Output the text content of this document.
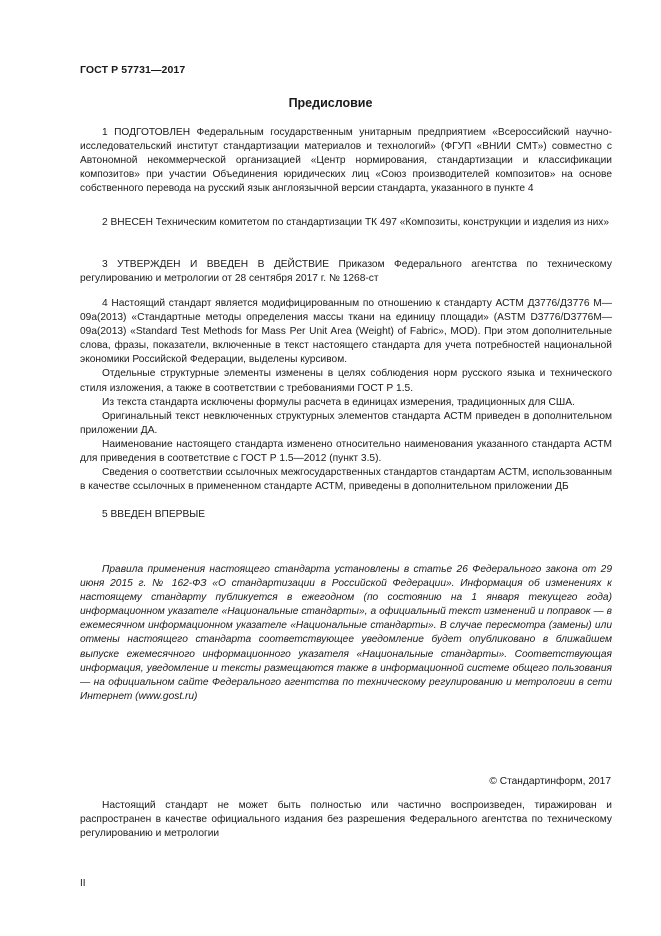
ГОСТ Р 57731—2017
Предисловие

1 ПОДГОТОВЛЕН Федеральным государственным унитарным предприятием «Всероссийский научно-исследовательский институт стандартизации материалов и технологий» (ФГУП «ВНИИ СМТ») совместно с Автономной некоммерческой организацией «Центр нормирования, стандартизации и классификации композитов» при участии Объединения юридических лиц «Союз производителей композитов» на основе собственного перевода на русский язык англоязычной версии стандарта, указанного в пункте 4

2 ВНЕСЕН Техническим комитетом по стандартизации ТК 497 «Композиты, конструкции и изделия из них»

3 УТВЕРЖДЕН И ВВЕДЕН В ДЕЙСТВИЕ Приказом Федерального агентства по техническому регулированию и метрологии от 28 сентября 2017 г. № 1268-ст

4 Настоящий стандарт является модифицированным по отношению к стандарту АСТМ Д3776/Д3776 М—09а(2013) «Стандартные методы определения массы ткани на единицу площади» (ASTM D3776/D3776M—09a(2013) «Standard Test Methods for Mass Per Unit Area (Weight) of Fabric», MOD). При этом дополнительные слова, фразы, показатели, включенные в текст настоящего стандарта для учета потребностей национальной экономики Российской Федерации, выделены курсивом.

Отдельные структурные элементы изменены в целях соблюдения норм русского языка и технического стиля изложения, а также в соответствии с требованиями ГОСТ Р 1.5.

Из текста стандарта исключены формулы расчета в единицах измерения, традиционных для США.

Оригинальный текст невключенных структурных элементов стандарта АСТМ приведен в дополнительном приложении ДА.

Наименование настоящего стандарта изменено относительно наименования указанного стандарта АСТМ для приведения в соответствие с ГОСТ Р 1.5—2012 (пункт 3.5).

Сведения о соответствии ссылочных межгосударственных стандартов стандартам АСТМ, использованным в качестве ссылочных в примененном стандарте АСТМ, приведены в дополнительном приложении ДБ

5 ВВЕДЕН ВПЕРВЫЕ

Правила применения настоящего стандарта установлены в статье 26 Федерального закона от 29 июня 2015 г. № 162-ФЗ «О стандартизации в Российской Федерации». Информация об изменениях к настоящему стандарту публикуется в ежегодном (по состоянию на 1 января текущего года) информационном указателе «Национальные стандарты», а официальный текст изменений и поправок — в ежемесячном информационном указателе «Национальные стандарты». В случае пересмотра (замены) или отмены настоящего стандарта соответствующее уведомление будет опубликовано в ближайшем выпуске ежемесячного информационного указателя «Национальные стандарты». Соответствующая информация, уведомление и тексты размещаются также в информационной системе общего пользования — на официальном сайте Федерального агентства по техническому регулированию и метрологии в сети Интернет (www.gost.ru)

© Стандартинформ, 2017

Настоящий стандарт не может быть полностью или частично воспроизведен, тиражирован и распространен в качестве официального издания без разрешения Федерального агентства по техническому регулированию и метрологии

II
